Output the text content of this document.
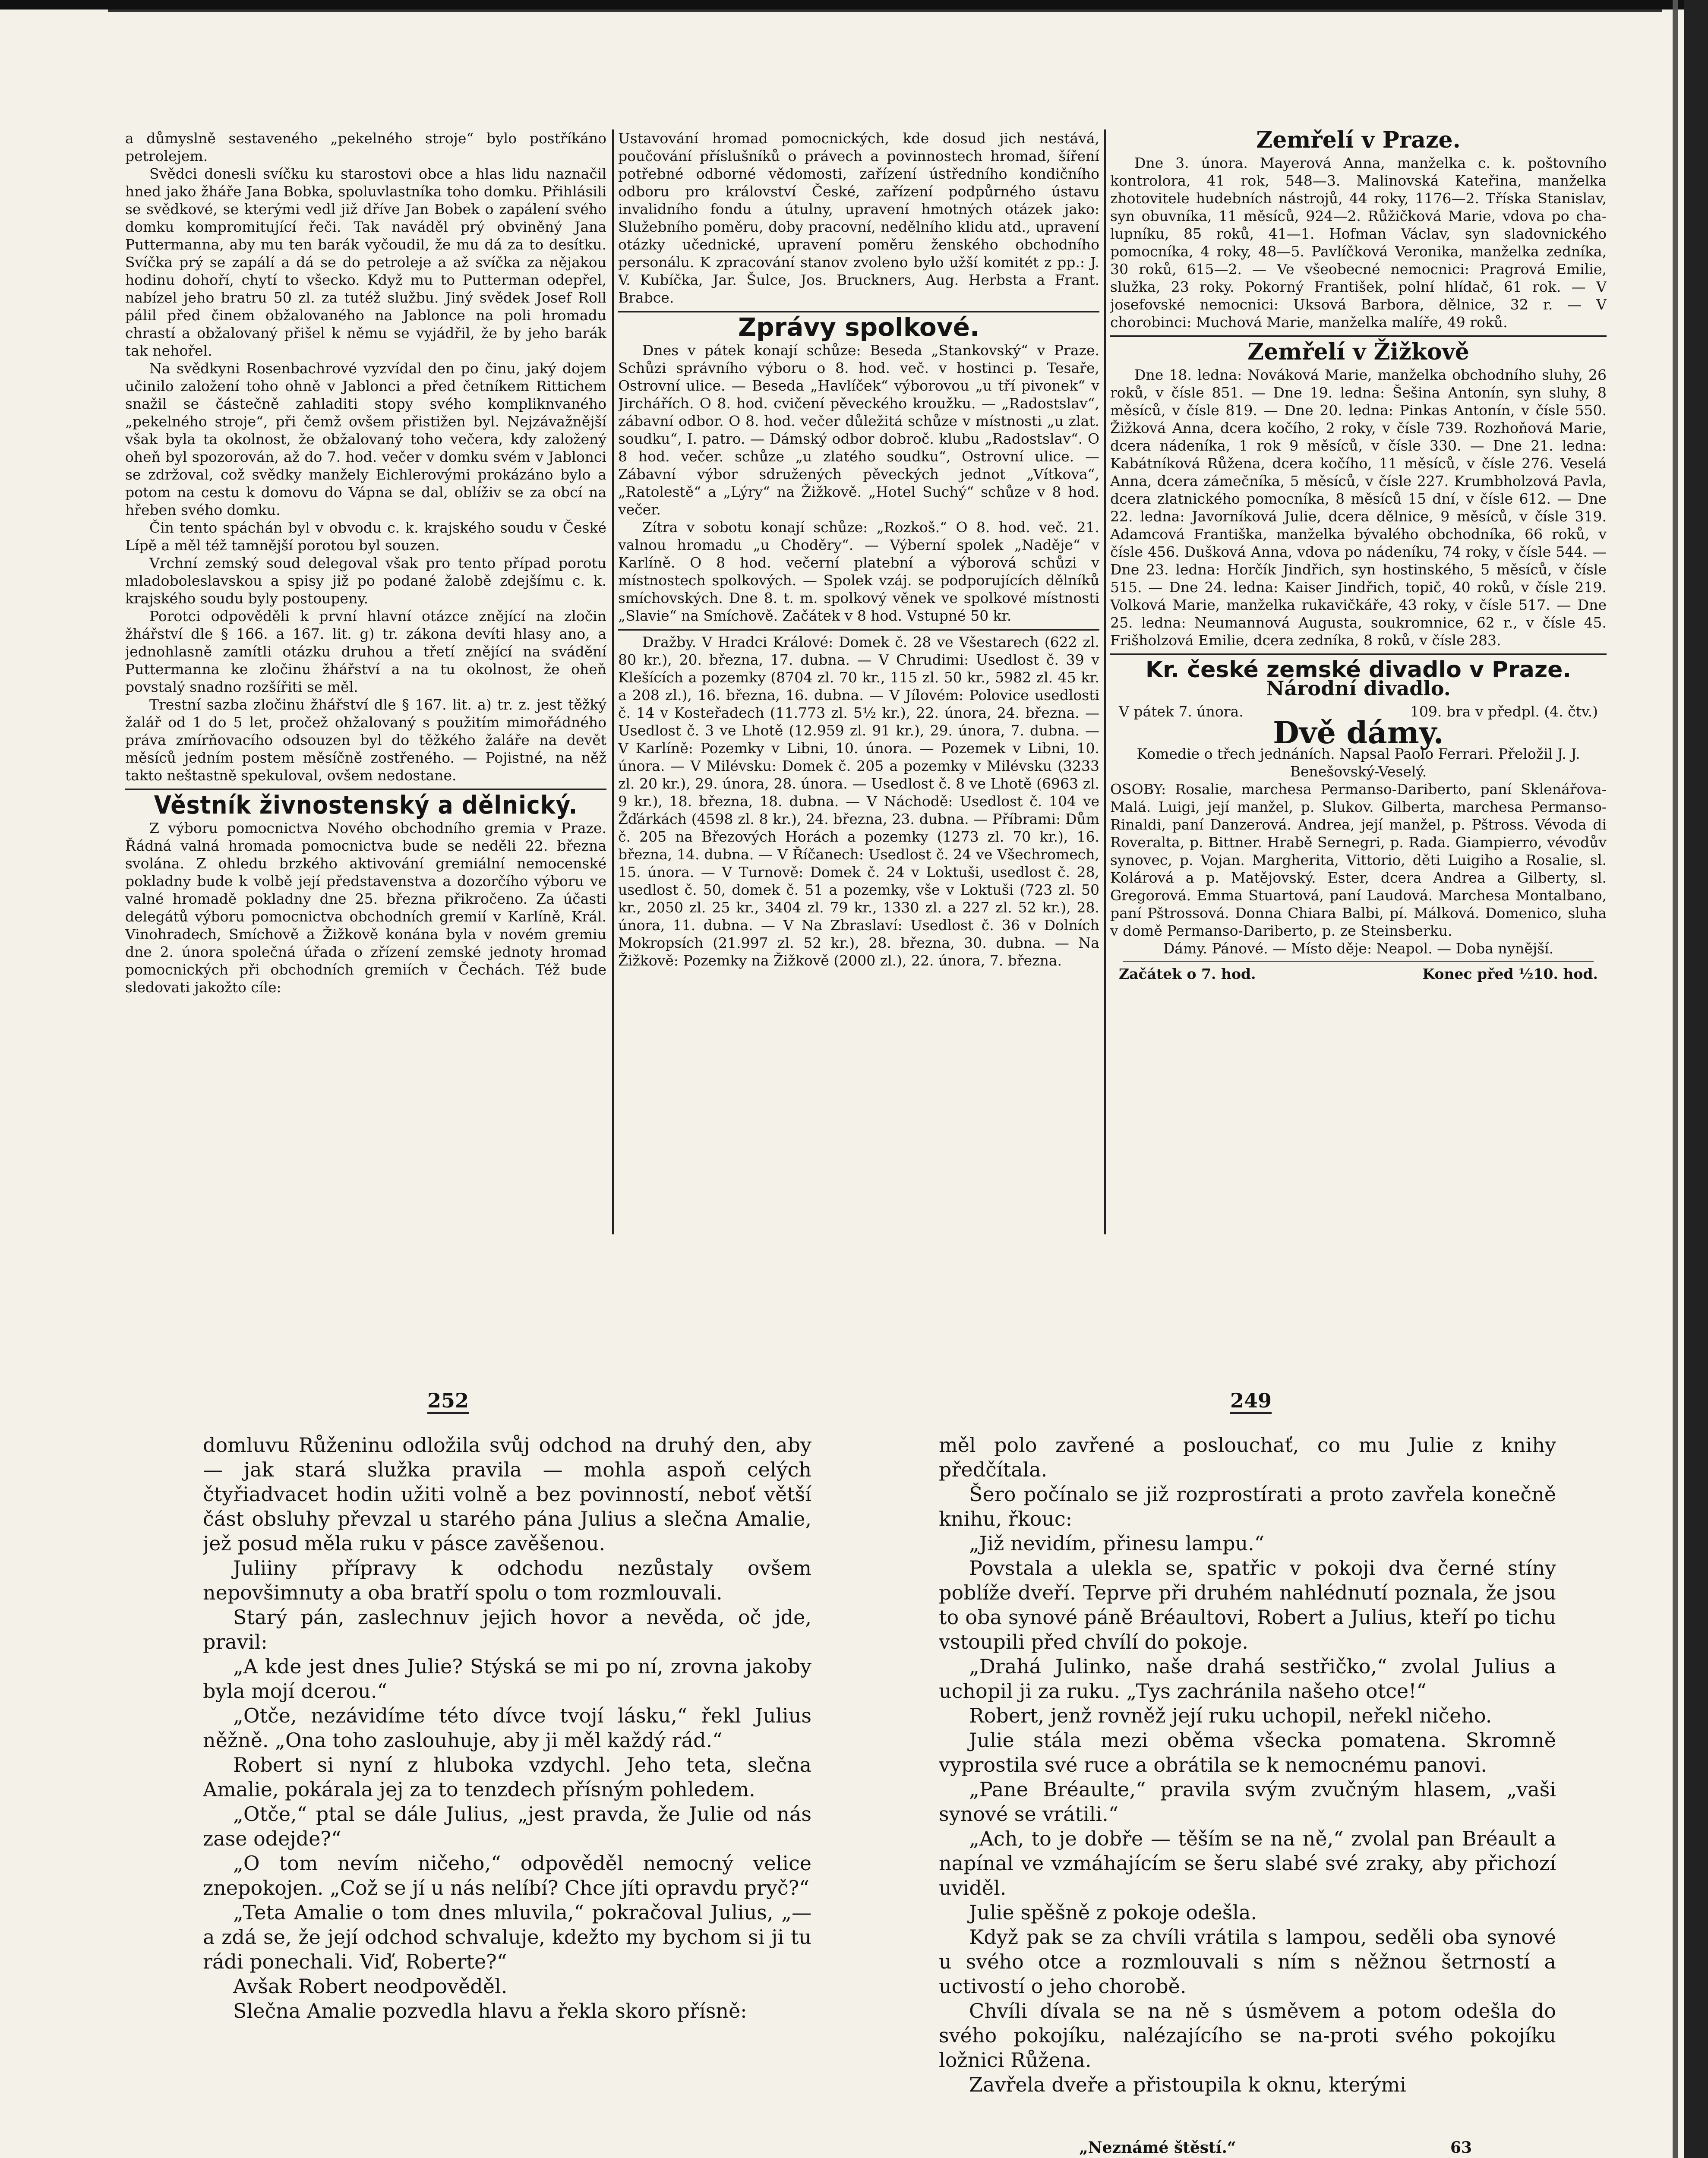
a důmyslně sestaveného „pekelného stroje“ bylo postříkáno petrolejem.

Svědci donesli svíčku ku starostovi obce a hlas lidu naznačil hned jako žháře Jana Bobka, spoluvlastníka toho domku. Přihlásili se svědkové, se kterými vedl již dříve Jan Bobek o zapálení svého domku kompromitující řeči. Tak naváděl prý obviněný Jana Puttermanna, aby mu ten barák vyčoudil, že mu dá za to desítku. Svíčka prý se zapálí a dá se do petroleje a až svíčka za nějakou hodinu dohoří, chytí to všecko. Když mu to Putterman odepřel, nabízel jeho bratru 50 zl. za tutéž službu. Jiný svědek Josef Roll pálil před činem obžalovaného na Jablonce na poli hromadu chrastí a obžalovaný přišel k němu se vyjádřil, že by jeho barák tak nehořel.

Na svědkyni Rosenbachrové vyzvídal den po činu, jaký dojem učinilo založení toho ohně v Jablonci a před četníkem Rittichem snažil se částečně zahladiti stopy svého kompliknvaného „pekelného stroje“, při čemž ovšem přistižen byl. Nejzávažnější však byla ta okolnost, že obžalovaný toho večera, kdy založený oheň byl spozorován, až do 7. hod. večer v domku svém v Jablonci se zdržoval, což svědky manžely Eichlerovými prokázáno bylo a potom na cestu k domovu do Vápna se dal, oblíživ se za obcí na hřeben svého domku.

Čin tento spáchán byl v obvodu c. k. krajského soudu v České Lípě a měl též tamnější porotou byl souzen.

Vrchní zemský soud delegoval však pro tento případ porotu mladoboleslavskou a spisy již po podané žalobě zdejšímu c. k. krajského soudu byly postoupeny.

Porotci odpověděli k první hlavní otázce znějící na zločin žhářství dle § 166. a 167. lit. g) tr. zákona devíti hlasy ano, a jednohlasně zamítli otázku druhou a třetí znějící na svádění Puttermanna ke zločinu žhářství a na tu okolnost, že oheň povstalý snadno rozšířiti se měl.

Trestní sazba zločinu žhářství dle § 167. lit. a) tr. z. jest těžký žalář od 1 do 5 let, pročež ohžalovaný s použitím mimořádného práva zmírňovacího odsouzen byl do těžkého žaláře na devět měsíců jedním postem měsíčně zostřeného. — Pojistné, na něž takto neštastně spekuloval, ovšem nedostane.

Věstník živnostenský a dělnický.

Z výboru pomocnictva Nového obchodního gremia v Praze. Řádná valná hromada pomocnictva bude se neděli 22. března svolána. Z ohledu brzkého aktivování gremiální nemocenské pokladny bude k volbě její představenstva a dozorčího výboru ve valné hromadě pokladny dne 25. března přikročeno. Za účasti delegátů výboru pomocnictva obchodních gremií v Karlíně, Král. Vinohradech, Smíchově a Žižkově konána byla v novém gremiu dne 2. února společná úřada o zřízení zemské jednoty hromad pomocnických při obchodních gremiích v Čechách. Též bude sledovati jakožto cíle:

Ustavování hromad pomocnických, kde dosud jich nestává, poučování příslušníků o právech a povinnostech hromad, šíření potřebné odborné vědomosti, zařízení ústředního kondičního odboru pro království České, zařízení podpůrného ústavu invalidního fondu a útulny, upravení hmotných otázek jako: Služebního poměru, doby pracovní, nedělního klidu atd., upravení otázky učednické, upravení poměru ženského obchodního personálu. K zpracování stanov zvoleno bylo užší komitét z pp.: J. V. Kubíčka, Jar. Šulce, Jos. Bruckners, Aug. Herbsta a Frant. Brabce.

Zprávy spolkové.

Dnes v pátek konají schůze: Beseda „Stankovský“ v Praze. Schůzi správního výboru o 8. hod. več. v hostinci p. Tesaře, Ostrovní ulice. — Beseda „Havlíček“ výborovou „u tří pivonek“ v Jirchářích. O 8. hod. cvičení pěveckého kroužku. — „Radostslav“, zábavní odbor. O 8. hod. večer důležitá schůze v místnosti „u zlat. soudku“, I. patro. — Dámský odbor dobroč. klubu „Radostslav“. O 8 hod. večer. schůze „u zlatého soudku“, Ostrovní ulice. — Zábavní výbor sdružených pěveckých jednot „Vítkova“, „Ratolestě“ a „Lýry“ na Žižkově. „Hotel Suchý“ schůze v 8 hod. večer.

Zítra v sobotu konají schůze: „Rozkoš.“ O 8. hod. več. 21. valnou hromadu „u Choděry“. — Výberní spolek „Naděje“ v Karlíně. O 8 hod. večerní platební a výborová schůzi v místnostech spolkových. — Spolek vzáj. se podporujících dělníků smíchovských. Dne 8. t. m. spolkový věnek ve spolkové místnosti „Slavie“ na Smíchově. Začátek v 8 hod. Vstupné 50 kr.

Dražby. V Hradci Králové: Domek č. 28 ve Všestarech (622 zl. 80 kr.), 20. března, 17. dubna. — V Chrudimi: Usedlost č. 39 v Klešících a pozemky (8704 zl. 70 kr., 115 zl. 50 kr., 5982 zl. 45 kr. a 208 zl.), 16. března, 16. dubna. — V Jílovém: Polovice usedlosti č. 14 v Kosteřadech (11.773 zl. 5½ kr.), 22. února, 24. března. — Usedlost č. 3 ve Lhotě (12.959 zl. 91 kr.), 29. února, 7. dubna. — V Karlíně: Pozemky v Libni, 10. února. — Pozemek v Libni, 10. února. — V Milévsku: Domek č. 205 a pozemky v Milévsku (3233 zl. 20 kr.), 29. února, 28. února. — Usedlost č. 8 ve Lhotě (6963 zl. 9 kr.), 18. března, 18. dubna. — V Náchodě: Usedlost č. 104 ve Žďárkách (4598 zl. 8 kr.), 24. března, 23. dubna. — Příbrami: Dům č. 205 na Březových Horách a pozemky (1273 zl. 70 kr.), 16. března, 14. dubna. — V Říčanech: Usedlost č. 24 ve Všechromech, 15. února. — V Turnově: Domek č. 24 v Loktuši, usedlost č. 28, usedlost č. 50, domek č. 51 a pozemky, vše v Loktuši (723 zl. 50 kr., 2050 zl. 25 kr., 3404 zl. 79 kr., 1330 zl. a 227 zl. 52 kr.), 28. února, 11. dubna. — V Na Zbraslaví: Usedlost č. 36 v Dolních Mokropsích (21.997 zl. 52 kr.), 28. března, 30. dubna. — Na Žižkově: Pozemky na Žižkově (2000 zl.), 22. února, 7. března.

Zemřelí v Praze.

Dne 3. února. Mayerová Anna, manželka c. k. poštovního kontrolora, 41 rok, 548—3. Malinovská Kateřina, manželka zhotovitele hudebních nástrojů, 44 roky, 1176—2. Tříska Stanislav, syn obuvníka, 11 měsíců, 924—2. Růžičková Marie, vdova po cha-lupníku, 85 roků, 41—1. Hofman Václav, syn sladovnického pomocníka, 4 roky, 48—5. Pavlíčková Veronika, manželka zedníka, 30 roků, 615—2. — Ve všeobecné nemocnici: Pragrová Emilie, služka, 23 roky. Pokorný František, polní hlídač, 61 rok. — V josefovské nemocnici: Uksová Barbora, dělnice, 32 r. — V chorobinci: Muchová Marie, manželka malíře, 49 roků.

Zemřelí v Žižkově

Dne 18. ledna: Nováková Marie, manželka obchodního sluhy, 26 roků, v čísle 851. — Dne 19. ledna: Šešina Antonín, syn sluhy, 8 měsíců, v čísle 819. — Dne 20. ledna: Pinkas Antonín, v čísle 550. Žižková Anna, dcera kočího, 2 roky, v čísle 739. Rozhoňová Marie, dcera nádeníka, 1 rok 9 měsíců, v čísle 330. — Dne 21. ledna: Kabátníková Růžena, dcera kočího, 11 měsíců, v čísle 276. Veselá Anna, dcera zámečníka, 5 měsíců, v čísle 227. Krumbholzová Pavla, dcera zlatnického pomocníka, 8 měsíců 15 dní, v čísle 612. — Dne 22. ledna: Javorníková Julie, dcera dělnice, 9 měsíců, v čísle 319. Adamcová Františka, manželka bývalého obchodníka, 66 roků, v čísle 456. Dušková Anna, vdova po nádeníku, 74 roky, v čísle 544. — Dne 23. ledna: Horčík Jindřich, syn hostinského, 5 měsíců, v čísle 515. — Dne 24. ledna: Kaiser Jindřich, topič, 40 roků, v čísle 219. Volková Marie, manželka rukavičkáře, 43 roky, v čísle 517. — Dne 25. ledna: Neumannová Augusta, soukromnice, 62 r., v čísle 45. Frišholzová Emilie, dcera zedníka, 8 roků, v čísle 283.

Kr. české zemské divadlo v Praze.
Národní divadlo.
V pátek 7. února.	109. bra v předpl. (4. čtv.)
Dvě dámy.

Komedie o třech jednáních. Napsal Paolo Ferrari. Přeložil J. J. Benešovský-Veselý.

OSOBY: Rosalie, marchesa Permanso-Dariberto, paní Sklenářova-Malá. Luigi, její manžel, p. Slukov. Gilberta, marchesa Permanso-Rinaldi, paní Danzerová. Andrea, její manžel, p. Pštross. Vévoda di Roveralta, p. Bittner. Hrabě Sernegri, p. Rada. Giampierro, vévodův synovec, p. Vojan. Margherita, Vittorio, děti Luigiho a Rosalie, sl. Kolárová a p. Matějovský. Ester, dcera Andrea a Gilberty, sl. Gregorová. Emma Stuartová, paní Laudová. Marchesa Montalbano, paní Pštrossová. Donna Chiara Balbi, pí. Málková. Domenico, sluha v domě Permanso-Dariberto, p. ze Steinsberku.

Dámy. Pánové. — Místo děje: Neapol. — Doba nynější.

Začátek o 7. hod.	Konec před ½10. hod.
252	249

domluvu Růženinu odložila svůj odchod na druhý den, aby — jak stará služka pravila — mohla aspoň celých čtyřiadvacet hodin užiti volně a bez povinností, neboť větší část obsluhy převzal u starého pána Julius a slečna Amalie, jež posud měla ruku v pásce zavěšenou.

Juliiny přípravy k odchodu nezůstaly ovšem nepovšimnuty a oba bratří spolu o tom rozmlouvali.

Starý pán, zaslechnuv jejich hovor a nevěda, oč jde, pravil:

„A kde jest dnes Julie? Stýská se mi po ní, zrovna jakoby byla mojí dcerou.“

„Otče, nezávidíme této dívce tvojí lásku,“ řekl Julius něžně. „Ona toho zaslouhuje, aby ji měl každý rád.“

Robert si nyní z hluboka vzdychl. Jeho teta, slečna Amalie, pokárala jej za to tenzdech přísným pohledem.

„Otče,“ ptal se dále Julius, „jest pravda, že Julie od nás zase odejde?“

„O tom nevím ničeho,“ odpověděl nemocný velice znepokojen. „Což se jí u nás nelíbí? Chce jíti opravdu pryč?“

„Teta Amalie o tom dnes mluvila,“ pokračoval Julius, „— a zdá se, že její odchod schvaluje, kdežto my bychom si ji tu rádi ponechali. Viď, Roberte?“

Avšak Robert neodpověděl.

Slečna Amalie pozvedla hlavu a řekla skoro přísně:

měl polo zavřené a poslouchať, co mu Julie z knihy předčítala.

Šero počínalo se již rozprostírati a proto zavřela konečně knihu, řkouc:

„Již nevidím, přinesu lampu.“

Povstala a ulekla se, spatřic v pokoji dva černé stíny poblíže dveří. Teprve při druhém nahlédnutí poznala, že jsou to oba synové páně Bréaultovi, Robert a Julius, kteří po tichu vstoupili před chvílí do pokoje.

„Drahá Julinko, naše drahá sestřičko,“ zvolal Julius a uchopil ji za ruku. „Tys zachránila našeho otce!“

Robert, jenž rovněž její ruku uchopil, neřekl ničeho.

Julie stála mezi oběma všecka pomatena. Skromně vyprostila své ruce a obrátila se k nemocnému panovi.

„Pane Bréaulte,“ pravila svým zvučným hlasem, „vaši synové se vrátili.“

„Ach, to je dobře — těším se na ně,“ zvolal pan Bréault a napínal ve vzmáhajícím se šeru slabé své zraky, aby přichozí uviděl.

Julie spěšně z pokoje odešla.

Když pak se za chvíli vrátila s lampou, seděli oba synové u svého otce a rozmlouvali s ním s něžnou šetrností a uctivostí o jeho chorobě.

Chvíli dívala se na ně s úsměvem a potom odešla do svého pokojíku, nalézajícího se na-proti svého pokojíku ložnici Růžena.

Zavřela dveře a přistoupila k oknu, kterými

„Neznámé štěstí.“	63
